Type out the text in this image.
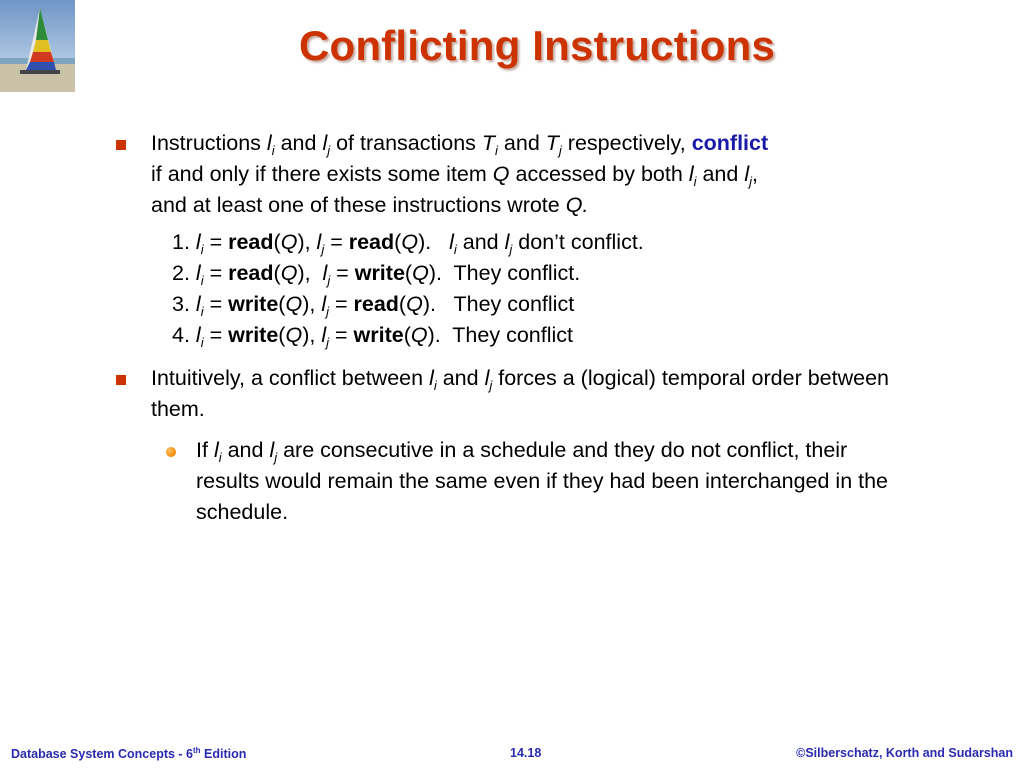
Conflicting Instructions
Instructions $l_i$ and $l_j$ of transactions $T_i$ and $T_j$ respectively, conflict
if and only if there exists some item Q accessed by both $l_i$ and $l_j$,
and at least one of these instructions wrote Q.
1. $l_i$ = read(Q), $l_j$ = read(Q).   $l_i$ and $l_j$ don’t conflict.
2. $l_i$ = read(Q),  $l_j$ = write(Q).  They conflict.
3. $l_i$ = write(Q), $l_j$ = read(Q).   They conflict
4. $l_i$ = write(Q), $l_j$ = write(Q).  They conflict
Intuitively, a conflict between $l_i$ and $l_j$ forces a (logical) temporal order between them.
If $l_i$ and $l_j$ are consecutive in a schedule and they do not conflict, their results would remain the same even if they had been interchanged in the schedule.
Database System Concepts - 6th Edition	14.18	©Silberschatz, Korth and Sudarshan
